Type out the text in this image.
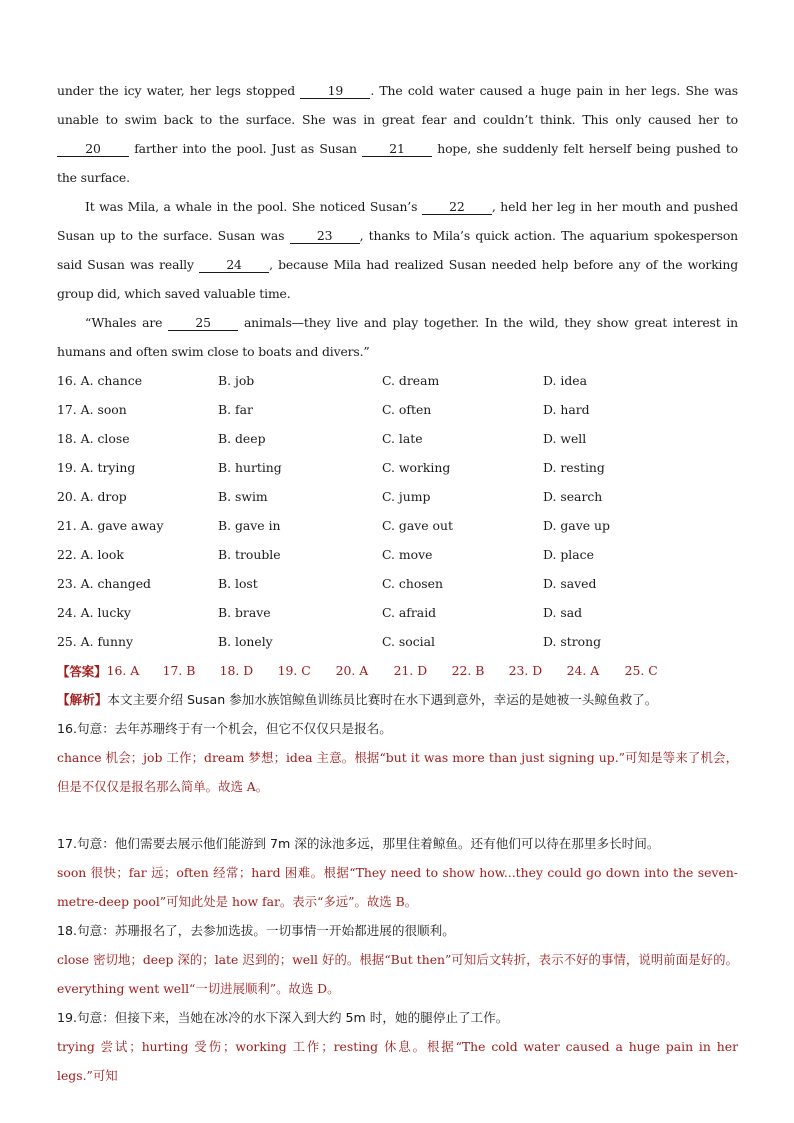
under the icy water, her legs stopped 19 . The cold water caused a huge pain in her legs. She was unable to swim back to the surface. She was in great fear and couldn’t think. This only caused her to 20 farther into the pool. Just as Susan 21 hope, she suddenly felt herself being pushed to the surface.

It was Mila, a whale in the pool. She noticed Susan’s 22 , held her leg in her mouth and pushed Susan up to the surface. Susan was 23 , thanks to Mila’s quick action. The aquarium spokesperson said Susan was really 24 , because Mila had realized Susan needed help before any of the working group did, which saved valuable time.

“Whales are 25 animals—they live and play together. In the wild, they show great interest in humans and often swim close to boats and divers.”

16. A. chance	B. job	C. dream	D. idea
17. A. soon	B. far	C. often	D. hard
18. A. close	B. deep	C. late	D. well
19. A. trying	B. hurting	C. working	D. resting
20. A. drop	B. swim	C. jump	D. search
21. A. gave away	B. gave in	C. gave out	D. gave up
22. A. look	B. trouble	C. move	D. place
23. A. changed	B. lost	C. chosen	D. saved
24. A. lucky	B. brave	C. afraid	D. sad
25. A. funny	B. lonely	C. social	D. strong
【答案】 16. A	17. B	18. D	19. C	20. A	21. D	22. B	23. D	24. A	25. C

【解析】本文主要介绍 Susan 参加水族馆鲸鱼训练员比赛时在水下遇到意外，幸运的是她被一头鲸鱼救了。

16.句意：去年苏珊终于有一个机会，但它不仅仅只是报名。

chance 机会；job 工作；dream 梦想；idea 主意。根据“but it was more than just signing up.”可知是等来了机会，但是不仅仅是报名那么简单。故选 A。

17.句意：他们需要去展示他们能游到 7m 深的泳池多远，那里住着鲸鱼。还有他们可以待在那里多长时间。

soon 很快；far 远；often 经常；hard 困难。根据“They need to show how...they could go down into the seven-metre-deep pool”可知此处是 how far。表示“多远”。故选 B。

18.句意：苏珊报名了，去参加选拔。一切事情一开始都进展的很顺利。

close 密切地；deep 深的；late 迟到的；well 好的。根据“But then”可知后文转折，表示不好的事情，说明前面是好的。everything went well“一切进展顺利”。故选 D。

19.句意：但接下来，当她在冰冷的水下深入到大约 5m 时，她的腿停止了工作。

trying 尝试；hurting 受伤；working 工作；resting 休息。根据“The cold water caused a huge pain in her legs.”可知
